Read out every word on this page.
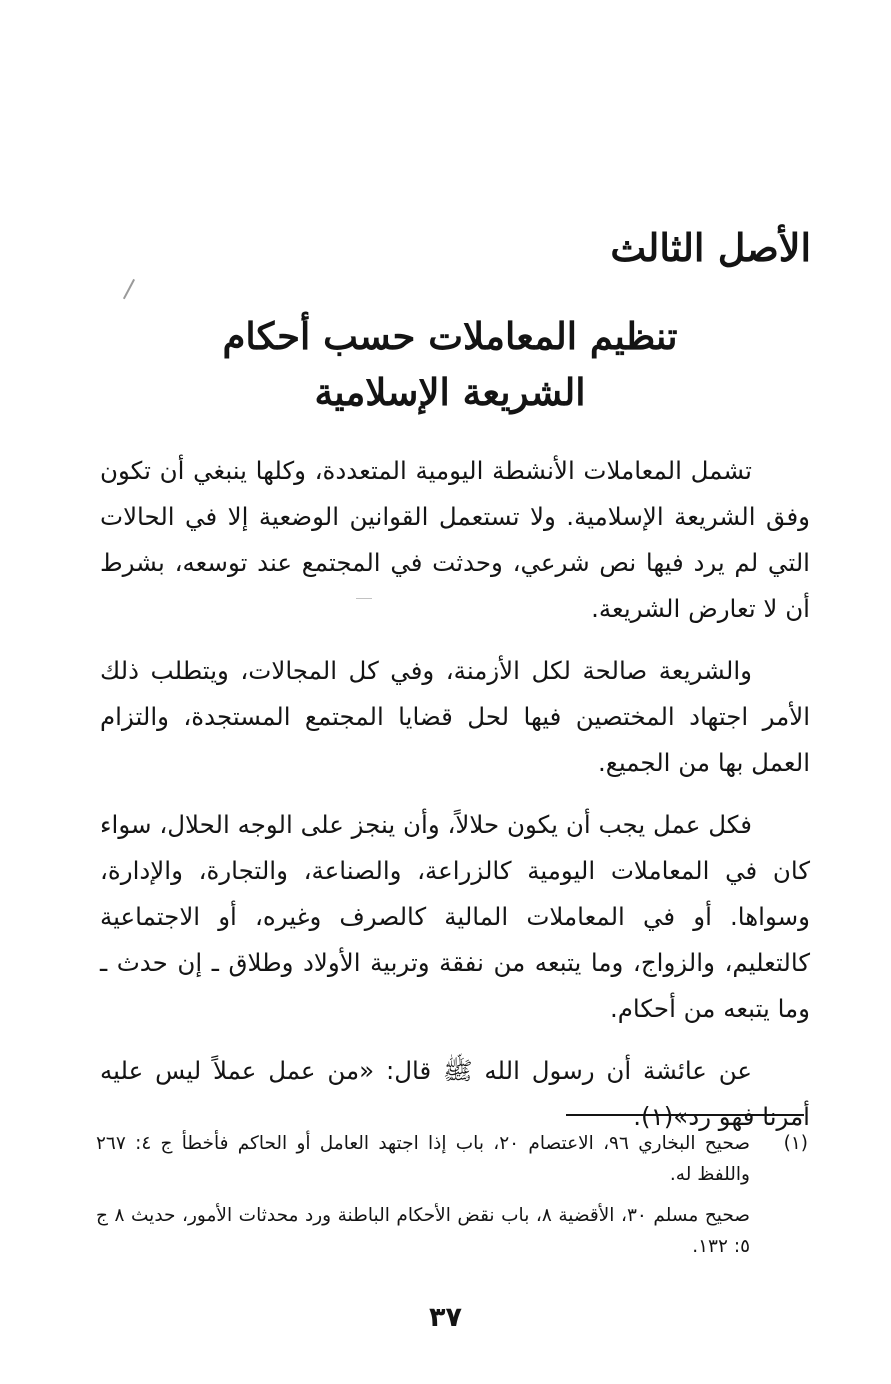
الأصل الثالث
تنظيم المعاملات حسب أحكام
الشريعة الإسلامية

تشمل المعاملات الأنشطة اليومية المتعددة، وكلها ينبغي أن تكون وفق الشريعة الإسلامية. ولا تستعمل القوانين الوضعية إلا في الحالات التي لم يرد فيها نص شرعي، وحدثت في المجتمع عند توسعه، بشرط أن لا تعارض الشريعة.

والشريعة صالحة لكل الأزمنة، وفي كل المجالات، ويتطلب ذلك الأمر اجتهاد المختصين فيها لحل قضايا المجتمع المستجدة، والتزام العمل بها من الجميع.

فكل عمل يجب أن يكون حلالاً، وأن ينجز على الوجه الحلال، سواء كان في المعاملات اليومية كالزراعة، والصناعة، والتجارة، والإدارة، وسواها. أو في المعاملات المالية كالصرف وغيره، أو الاجتماعية كالتعليم، والزواج، وما يتبعه من نفقة وتربية الأولاد وطلاق ـ إن حدث ـ وما يتبعه من أحكام.

عن عائشة أن رسول الله ﷺ قال: «من عمل عملاً ليس عليه أمرنا فهو رد»(١).

(١)
صحيح البخاري ٩٦، الاعتصام ٢٠، باب إذا اجتهد العامل أو الحاكم فأخطأ ج ٤: ٢٦٧ واللفظ له.
صحيح مسلم ٣٠، الأقضية ٨، باب نقض الأحكام الباطنة ورد محدثات الأمور، حديث ٨ ج ٥: ١٣٢.
٣٧
